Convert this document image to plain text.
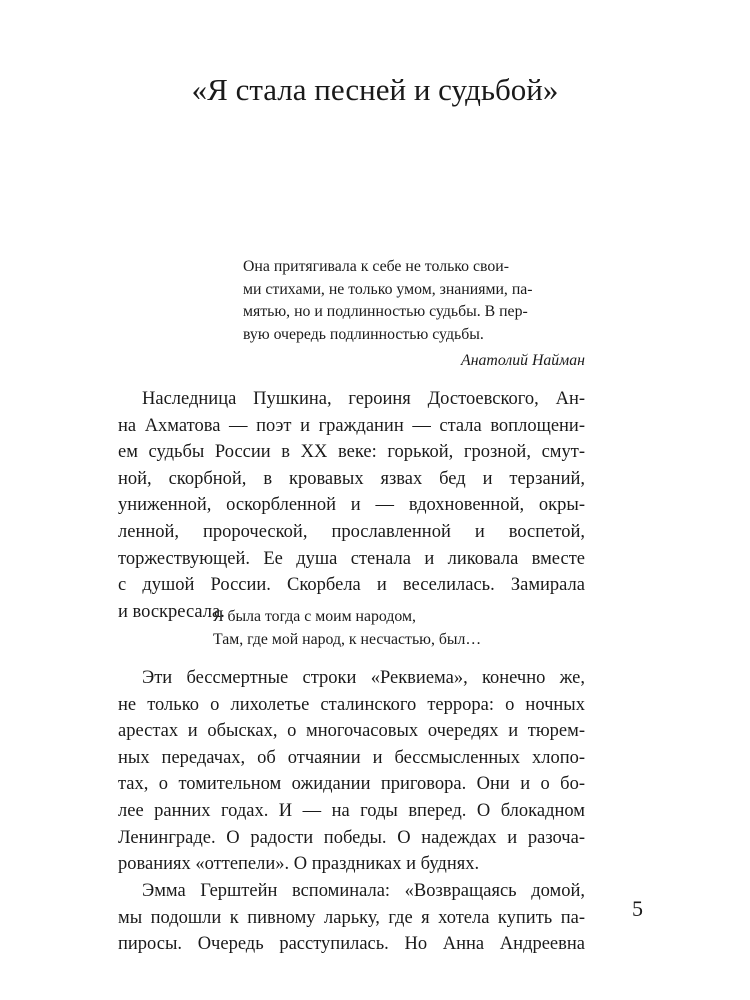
«Я стала песней и судьбой»
Она притягивала к себе не только свои-
ми стихами, не только умом, знаниями, па-
мятью, но и подлинностью судьбы. В пер-
вую очередь подлинностью судьбы.
Анатолий Найман
Наследница Пушкина, героиня Достоевского, Ан-
на Ахматова — поэт и гражданин — стала воплощени-
ем судьбы России в XX веке: горькой, грозной, смут-
ной, скорбной, в кровавых язвах бед и терзаний,
униженной, оскорбленной и — вдохновенной, окры-
ленной, пророческой, прославленной и воспетой,
торжествующей. Ее душа стенала и ликовала вместе
с душой России. Скорбела и веселилась. Замирала
и воскресала.
Я была тогда с моим народом,
Там, где мой народ, к несчастью, был…
Эти бессмертные строки «Реквиема», конечно же,
не только о лихолетье сталинского террора: о ночных
арестах и обысках, о многочасовых очередях и тюрем-
ных передачах, об отчаянии и бессмысленных хлопо-
тах, о томительном ожидании приговора. Они и о бо-
лее ранних годах. И — на годы вперед. О блокадном
Ленинграде. О радости победы. О надеждах и разоча-
рованиях «оттепели». О праздниках и буднях.
Эмма Герштейн вспоминала: «Возвращаясь домой,
мы подошли к пивному ларьку, где я хотела купить па-
пиросы. Очередь расступилась. Но Анна Андреевна
5
